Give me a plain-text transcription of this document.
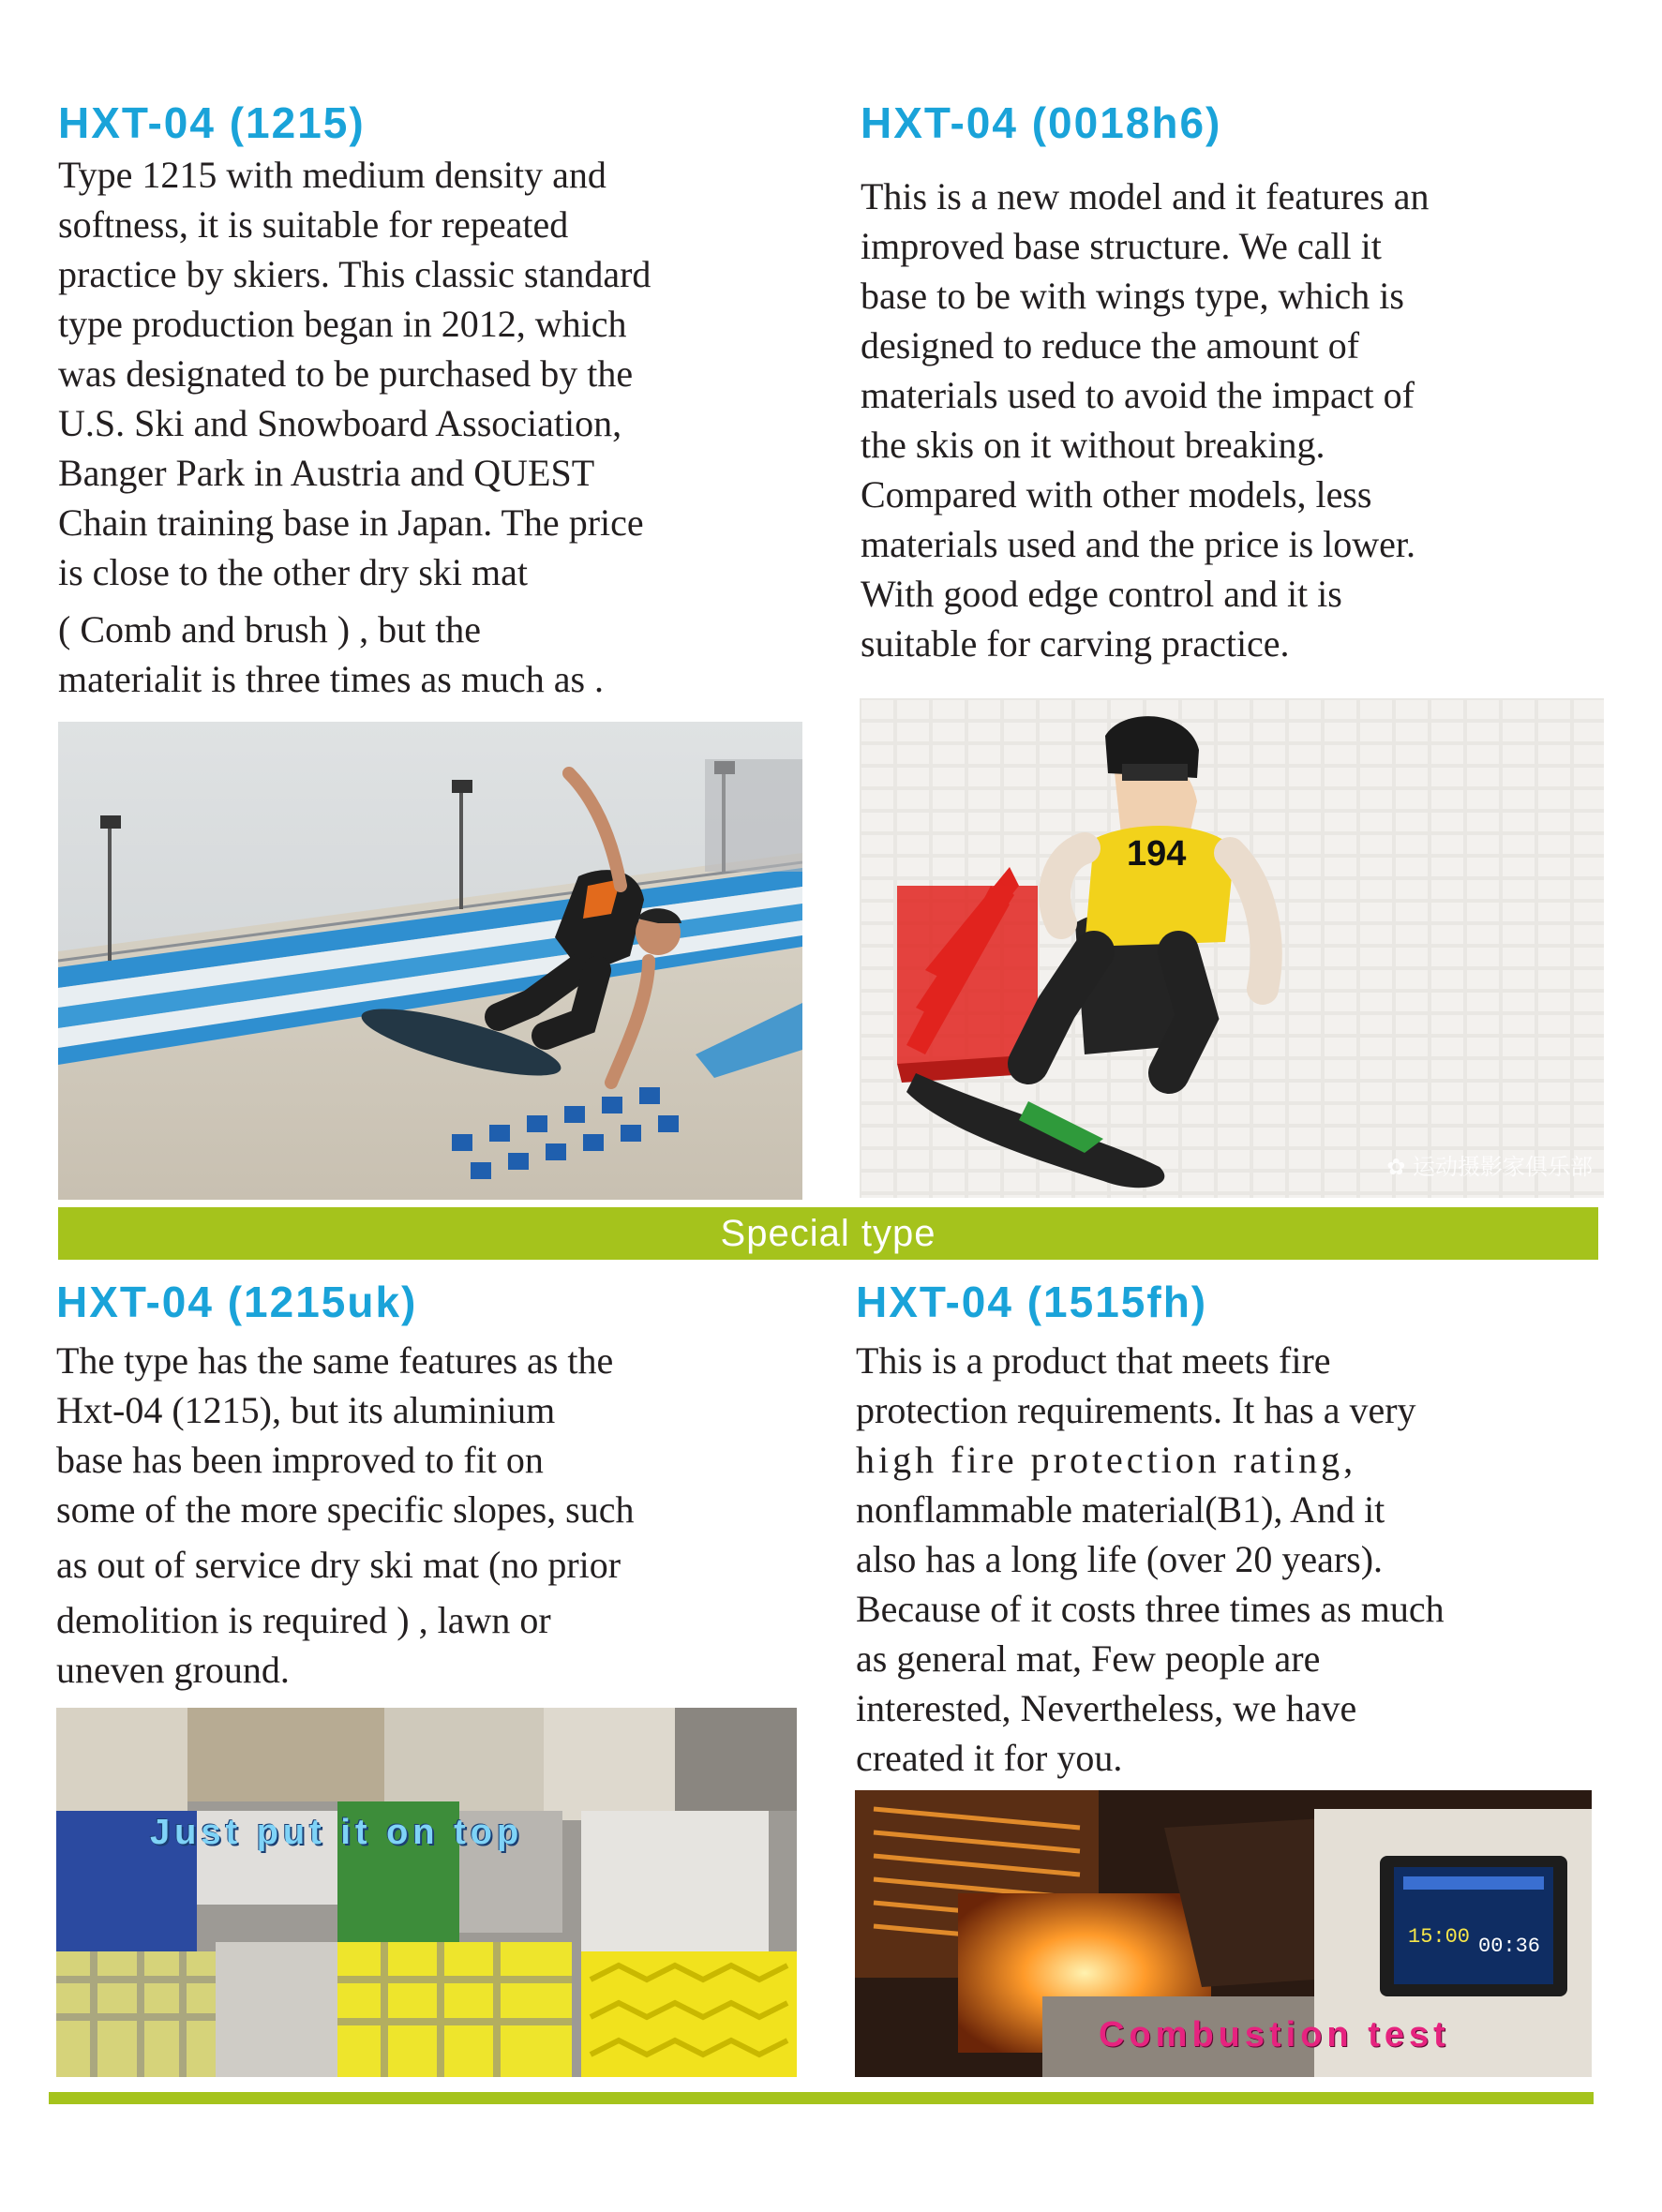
HXT-04 (1215)
Type 1215 with medium density and
softness, it is suitable for repeated
practice by skiers. This classic standard
type production began in 2012, which
was designated to be purchased by the
U.S. Ski and Snowboard Association,
Banger Park in Austria and QUEST
Chain training base in Japan. The price
is close to the other dry ski mat
( Comb and brush ) , but the
materialit is three times as much as .
HXT-04 (0018h6)
This is a new model and it features an
improved base structure. We call it
base to be with wings type, which is
designed to reduce the amount of
materials used to avoid the impact of
the skis on it without breaking.
Compared with other models, less
materials used and the price is lower.
With good edge control and it is
suitable for carving practice.
194
✿ 运动摄影家俱乐部
Special type
HXT-04 (1215uk)
The type has the same features as the
Hxt-04 (1215), but its aluminium
base has been improved to fit on
some of the more specific slopes, such
as out of service dry ski mat (no prior
demolition is required ) , lawn or
uneven ground.
Just put it on top
HXT-04 (1515fh)
This is a product that meets fire
protection requirements. It has a very
high fire protection rating,
nonflammable material(B1), And it
also has a long life (over 20 years).
Because of it costs three times as much
as general mat, Few people are
interested, Nevertheless, we have
created it for you.
15:00 00:36
Combustion test
